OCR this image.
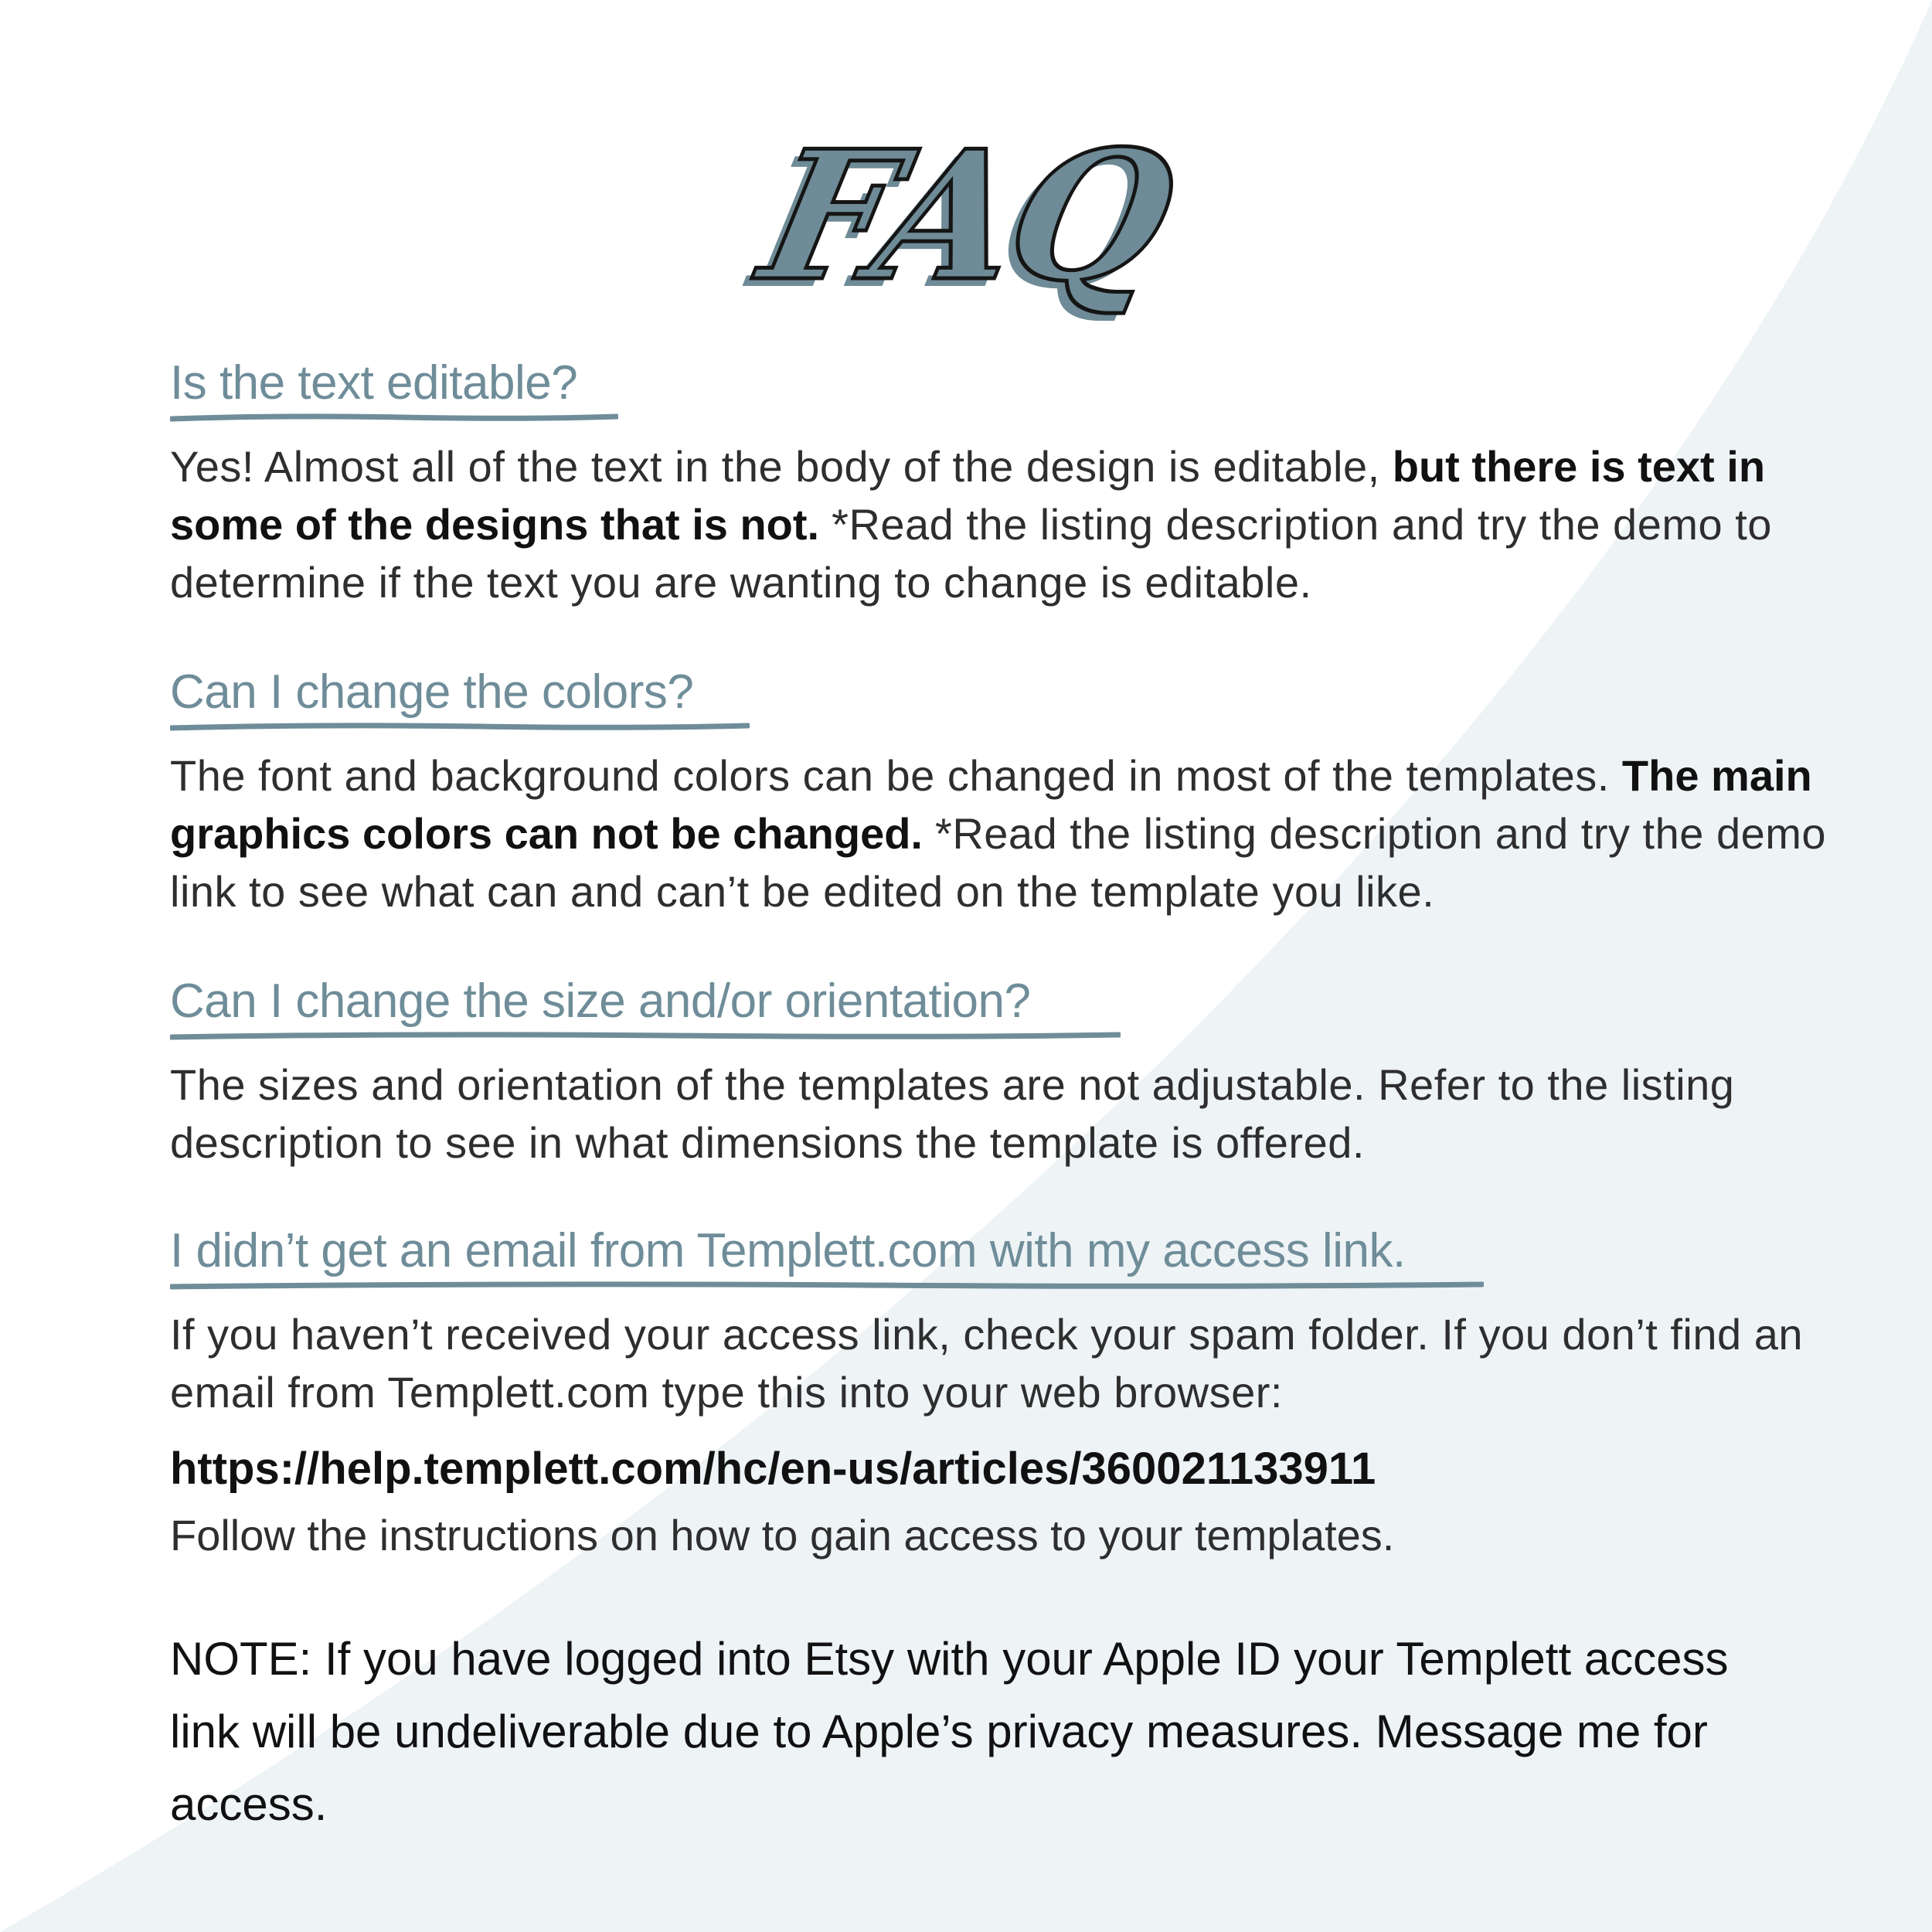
FAQ
Is the text editable?
Yes! Almost all of the text in the body of the design is editable, but there is text in some of the designs that is not. *Read the listing description and try the demo to determine if the text you are wanting to change is editable.
Can I change the colors?
The font and background colors can be changed in most of the templates. The main graphics colors can not be changed. *Read the listing description and try the demo link to see what can and can’t be edited on the template you like.
Can I change the size and/or orientation?
The sizes and orientation of the templates are not adjustable. Refer to the listing description to see in what dimensions the template is offered.
I didn’t get an email from Templett.com with my access link.
If you haven’t received your access link, check your spam folder. If you don’t find an email from Templett.com type this into your web browser:
https://help.templett.com/hc/en-us/articles/360021133911
Follow the instructions on how to gain access to your templates.
NOTE: If you have logged into Etsy with your Apple ID your Templett access link will be undeliverable due to Apple’s privacy measures. Message me for access.
